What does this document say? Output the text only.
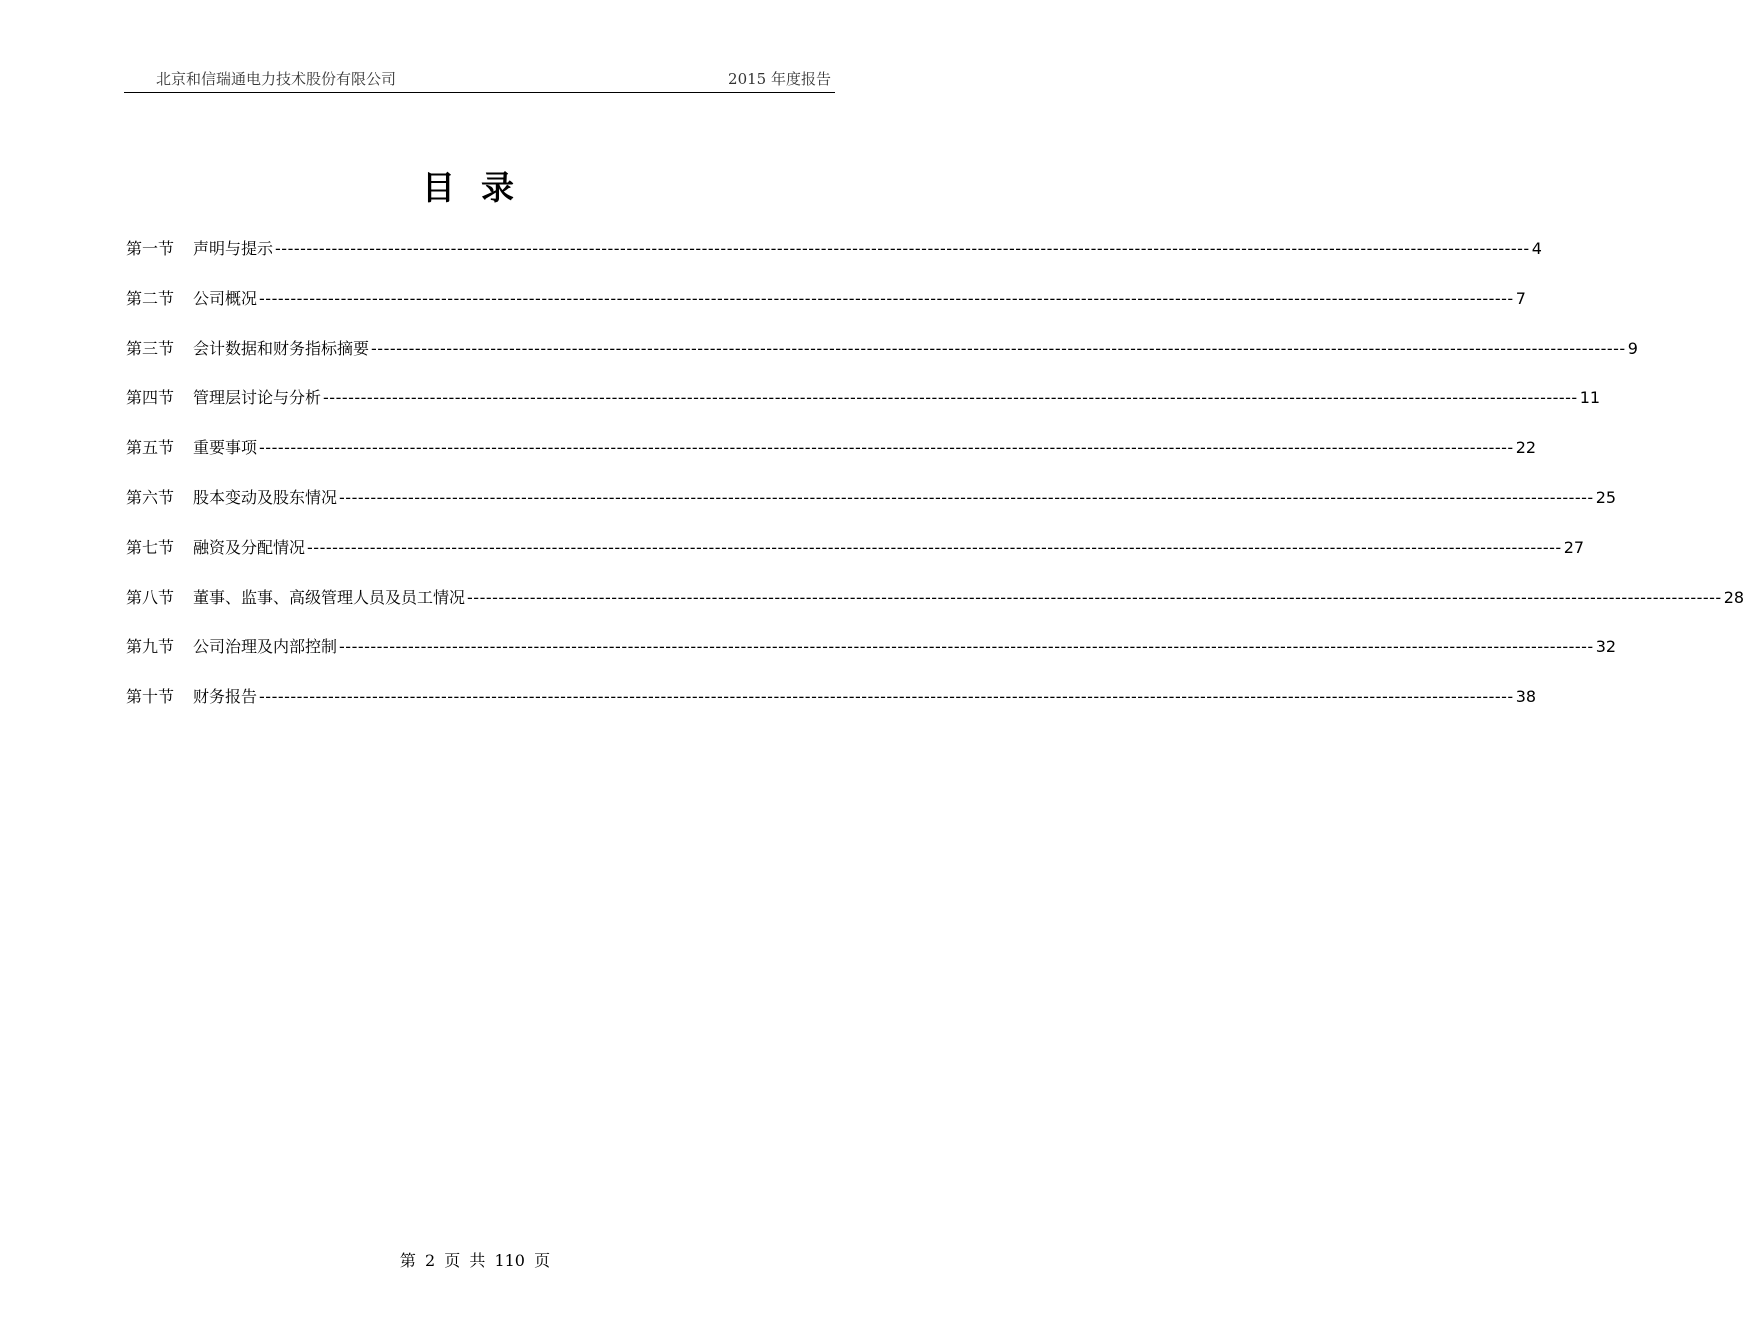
北京和信瑞通电力技术股份有限公司	2015 年度报告
目录
第一节	声明与提示 -------------------------------------------------------------------------------------------------------------------------------------------------------------------------------------------------------- 4
第二节	公司概况 -------------------------------------------------------------------------------------------------------------------------------------------------------------------------------------------------------- 7
第三节	会计数据和财务指标摘要 -------------------------------------------------------------------------------------------------------------------------------------------------------------------------------------------------------- 9
第四节	管理层讨论与分析 -------------------------------------------------------------------------------------------------------------------------------------------------------------------------------------------------------- 11
第五节	重要事项 -------------------------------------------------------------------------------------------------------------------------------------------------------------------------------------------------------- 22
第六节	股本变动及股东情况 -------------------------------------------------------------------------------------------------------------------------------------------------------------------------------------------------------- 25
第七节	融资及分配情况 -------------------------------------------------------------------------------------------------------------------------------------------------------------------------------------------------------- 27
第八节	董事、监事、高级管理人员及员工情况 -------------------------------------------------------------------------------------------------------------------------------------------------------------------------------------------------------- 28
第九节	公司治理及内部控制 -------------------------------------------------------------------------------------------------------------------------------------------------------------------------------------------------------- 32
第十节	财务报告 -------------------------------------------------------------------------------------------------------------------------------------------------------------------------------------------------------- 38
第 2 页 共 110 页
